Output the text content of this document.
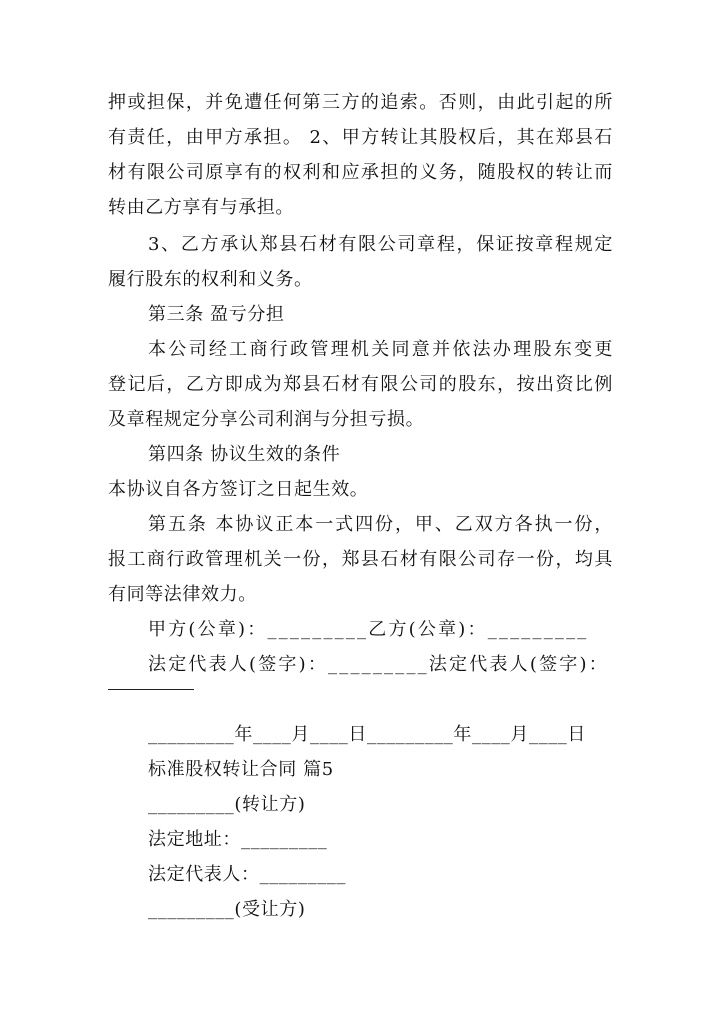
押或担保，并免遭任何第三方的追索。否则，由此引起的所
有责任，由甲方承担。 2、甲方转让其股权后，其在郑县石
材有限公司原享有的权利和应承担的义务，随股权的转让而
转由乙方享有与承担。
3、乙方承认郑县石材有限公司章程，保证按章程规定
履行股东的权利和义务。
第三条 盈亏分担
本公司经工商行政管理机关同意并依法办理股东变更
登记后，乙方即成为郑县石材有限公司的股东，按出资比例
及章程规定分享公司利润与分担亏损。
第四条 协议生效的条件
本协议自各方签订之日起生效。
第五条 本协议正本一式四份，甲、乙双方各执一份，
报工商行政管理机关一份，郑县石材有限公司存一份，均具
有同等法律效力。
甲方(公章)：_________乙方(公章)：_________
法定代表人(签字)：_________法定代表人(签字)：
_________年____月____日_________年____月____日
标准股权转让合同 篇5
_________(转让方)
法定地址：_________
法定代表人：_________
_________(受让方)
